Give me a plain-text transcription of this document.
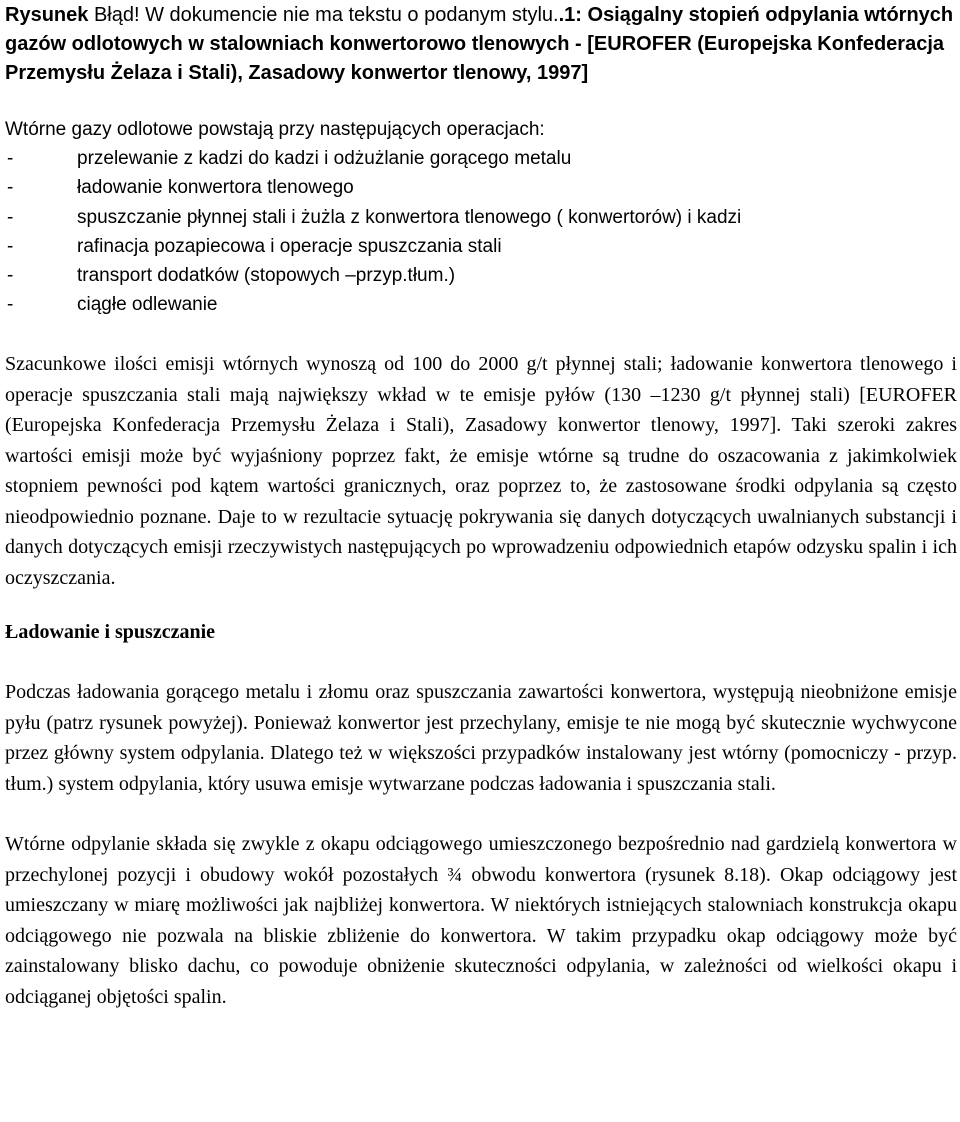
Rysunek Błąd! W dokumencie nie ma tekstu o podanym stylu..1: Osiągalny stopień odpylania wtórnych gazów odlotowych w stalowniach konwertorowo tlenowych - [EUROFER (Europejska Konfederacja Przemysłu Żelaza i Stali), Zasadowy konwertor tlenowy, 1997]

Wtórne gazy odlotowe powstają przy następujących operacjach:

-	przelewanie z kadzi do kadzi i odżużlanie gorącego metalu
-	ładowanie konwertora tlenowego
-	spuszczanie płynnej stali i żużla z konwertora tlenowego ( konwertorów) i kadzi
-	rafinacja pozapiecowa i operacje spuszczania stali
-	transport dodatków (stopowych –przyp.tłum.)
-	ciągłe odlewanie

Szacunkowe ilości emisji wtórnych wynoszą od 100 do 2000 g/t płynnej stali; ładowanie konwertora tlenowego i operacje spuszczania stali mają największy wkład w te emisje pyłów (130 –1230 g/t płynnej stali) [EUROFER (Europejska Konfederacja Przemysłu Żelaza i Stali), Zasadowy konwertor tlenowy, 1997]. Taki szeroki zakres wartości emisji może być wyjaśniony poprzez fakt, że emisje wtórne są trudne do oszacowania z jakimkolwiek stopniem pewności pod kątem wartości granicznych, oraz poprzez to, że zastosowane środki odpylania są często nieodpowiednio poznane. Daje to w rezultacie sytuację pokrywania się danych dotyczących uwalnianych substancji i danych dotyczących emisji rzeczywistych następujących po wprowadzeniu odpowiednich etapów odzysku spalin i ich oczyszczania.

Ładowanie i spuszczanie

Podczas ładowania gorącego metalu i złomu oraz spuszczania zawartości konwertora, występują nieobniżone emisje pyłu (patrz rysunek powyżej). Ponieważ konwertor jest przechylany, emisje te nie mogą być skutecznie wychwycone przez główny system odpylania. Dlatego też w większości przypadków instalowany jest wtórny (pomocniczy - przyp. tłum.) system odpylania, który usuwa emisje wytwarzane podczas ładowania i spuszczania stali.

Wtórne odpylanie składa się zwykle z okapu odciągowego umieszczonego bezpośrednio nad gardzielą konwertora w przechylonej pozycji i obudowy wokół pozostałych ¾ obwodu konwertora (rysunek 8.18). Okap odciągowy jest umieszczany w miarę możliwości jak najbliżej konwertora. W niektórych istniejących stalowniach konstrukcja okapu odciągowego nie pozwala na bliskie zbliżenie do konwertora. W takim przypadku okap odciągowy może być zainstalowany blisko dachu, co powoduje obniżenie skuteczności odpylania, w zależności od wielkości okapu i odciąganej objętości spalin.
